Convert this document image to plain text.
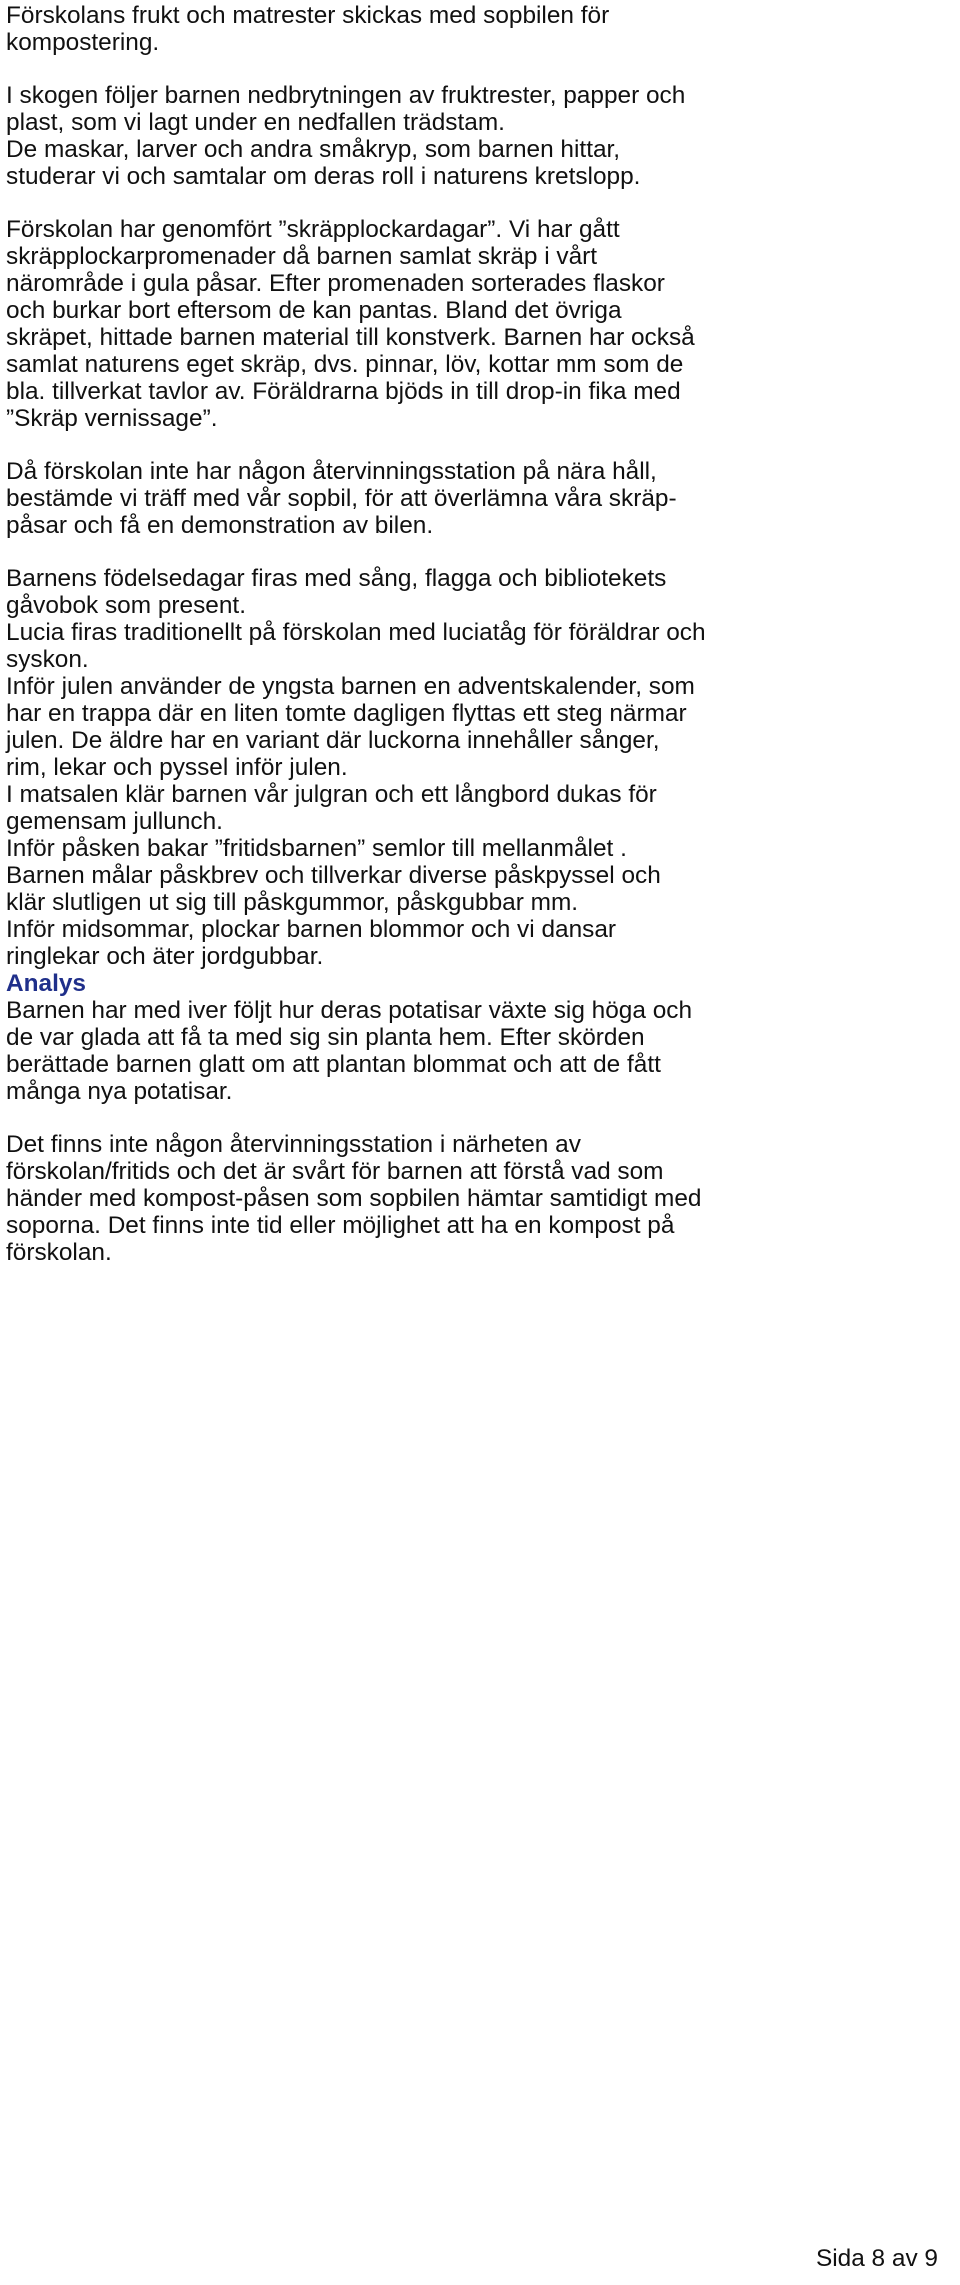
Förskolans frukt och matrester skickas med sopbilen för
kompostering.

I skogen följer barnen nedbrytningen av fruktrester, papper och
plast, som vi lagt under en nedfallen trädstam.
De maskar, larver och andra småkryp, som barnen hittar,
studerar vi och samtalar om deras roll i naturens kretslopp.

Förskolan har genomfört ”skräpplockardagar”. Vi har gått
skräpplockarpromenader då barnen samlat skräp i vårt
närområde i gula påsar. Efter promenaden sorterades flaskor
och burkar bort eftersom de kan pantas. Bland det övriga
skräpet, hittade barnen material till konstverk. Barnen har också
samlat naturens eget skräp, dvs. pinnar, löv, kottar mm som de
bla. tillverkat tavlor av. Föräldrarna bjöds in till drop-in fika med
”Skräp vernissage”.

Då förskolan inte har någon återvinningsstation på nära håll,
bestämde vi träff med vår sopbil, för att överlämna våra skräp-
påsar och få en demonstration av bilen.

Barnens födelsedagar firas med sång, flagga och bibliotekets
gåvobok som present.
Lucia firas traditionellt på förskolan med luciatåg för föräldrar och
syskon.
Inför julen använder de yngsta barnen en adventskalender, som
har en trappa där en liten tomte dagligen flyttas ett steg närmar
julen. De äldre har en variant där luckorna innehåller sånger,
rim, lekar och pyssel inför julen.
I matsalen klär barnen vår julgran och ett långbord dukas för
gemensam jullunch.
Inför påsken bakar ”fritidsbarnen” semlor till mellanmålet .
Barnen målar påskbrev och tillverkar diverse påskpyssel och
klär slutligen ut sig till påskgummor, påskgubbar mm.
Inför midsommar, plockar barnen blommor och vi dansar
ringlekar och äter jordgubbar.

Analys
Barnen har med iver följt hur deras potatisar växte sig höga och
de var glada att få ta med sig sin planta hem. Efter skörden
berättade barnen glatt om att plantan blommat och att de fått
många nya potatisar.

Det finns inte någon återvinningsstation i närheten av
förskolan/fritids och det är svårt för barnen att förstå vad som
händer med kompost-påsen som sopbilen hämtar samtidigt med
soporna. Det finns inte tid eller möjlighet att ha en kompost på
förskolan.

Sida 8 av 9
